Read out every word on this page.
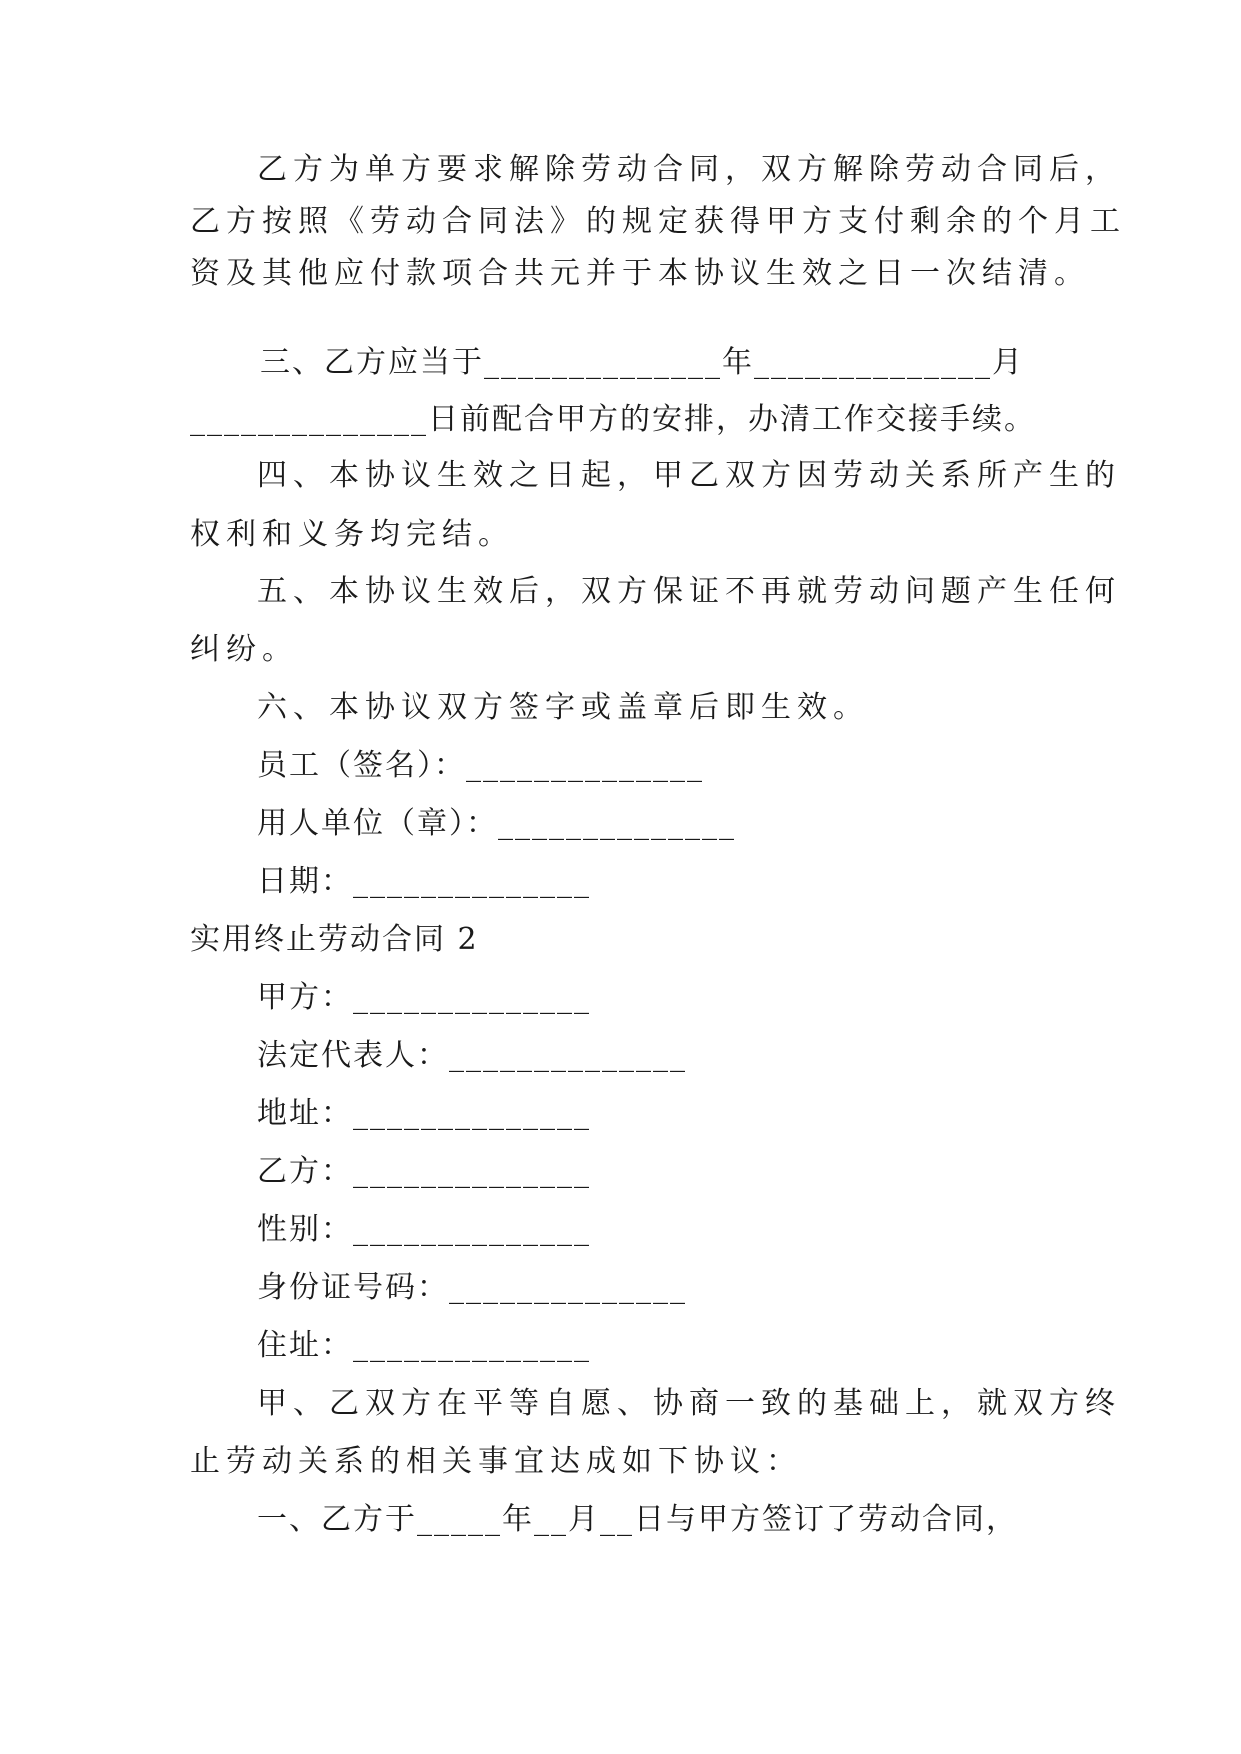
乙方为单方要求解除劳动合同，双方解除劳动合同后，
乙方按照《劳动合同法》的规定获得甲方支付剩余的个月工
资及其他应付款项合共元并于本协议生效之日一次结清。
三、乙方应当于______________年______________月
______________日前配合甲方的安排，办清工作交接手续。
四、本协议生效之日起，甲乙双方因劳动关系所产生的
权利和义务均完结。
五、本协议生效后，双方保证不再就劳动问题产生任何
纠纷。
六、本协议双方签字或盖章后即生效。
员工（签名）：______________
用人单位（章）：______________
日期：______________
实用终止劳动合同 2
甲方：______________
法定代表人：______________
地址：______________
乙方：______________
性别：______________
身份证号码：______________
住址：______________
甲、乙双方在平等自愿、协商一致的基础上，就双方终
止劳动关系的相关事宜达成如下协议：
一、乙方于_____年__月__日与甲方签订了劳动合同，
